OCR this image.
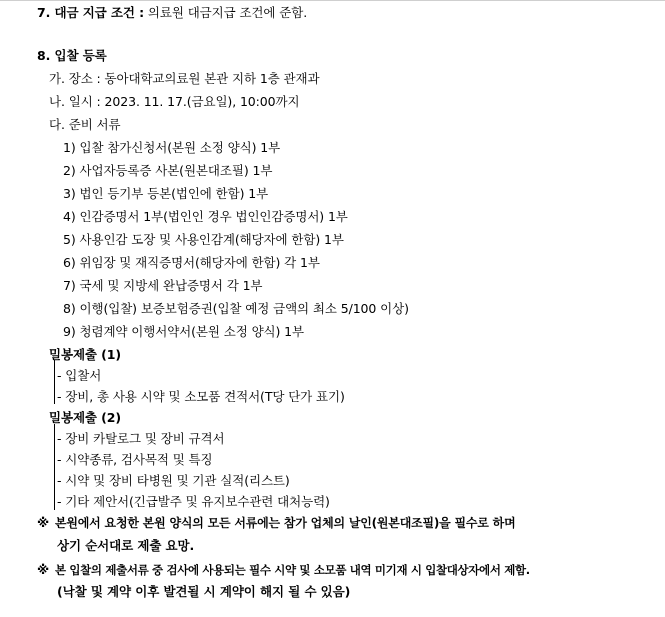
7. 대금 지급 조건 : 의료원 대금지급 조건에 준함.
8. 입찰 등록
가. 장소 : 동아대학교의료원 본관 지하 1층 관재과
나. 일시 : 2023. 11. 17.(금요일), 10:00까지
다. 준비 서류
1) 입찰 참가신청서(본원 소정 양식) 1부
2) 사업자등록증 사본(원본대조필) 1부
3) 법인 등기부 등본(법인에 한함) 1부
4) 인감증명서 1부(법인인 경우 법인인감증명서) 1부
5) 사용인감 도장 및 사용인감계(해당자에 한함) 1부
6) 위임장 및 재직증명서(해당자에 한함) 각 1부
7) 국세 및 지방세 완납증명서 각 1부
8) 이행(입찰) 보증보험증권(입찰 예정 금액의 최소 5/100 이상)
9) 청렴계약 이행서약서(본원 소정 양식) 1부
밀봉제출 (1)
- 입찰서
- 장비, 총 사용 시약 및 소모품 견적서(T당 단가 표기)
밀봉제출 (2)
- 장비 카탈로그 및 장비 규격서
- 시약종류, 검사목적 및 특징
- 시약 및 장비 타병원 및 기관 실적(리스트)
- 기타 제안서(긴급발주 및 유지보수관련 대처능력)
※ 본원에서 요청한 본원 양식의 모든 서류에는 참가 업체의 날인(원본대조필)을 필수로 하며
상기 순서대로 제출 요망.
※ 본 입찰의 제출서류 중 검사에 사용되는 필수 시약 및 소모품 내역 미기재 시 입찰대상자에서 제함.
(낙찰 및 계약 이후 발견될 시 계약이 해지 될 수 있음)
